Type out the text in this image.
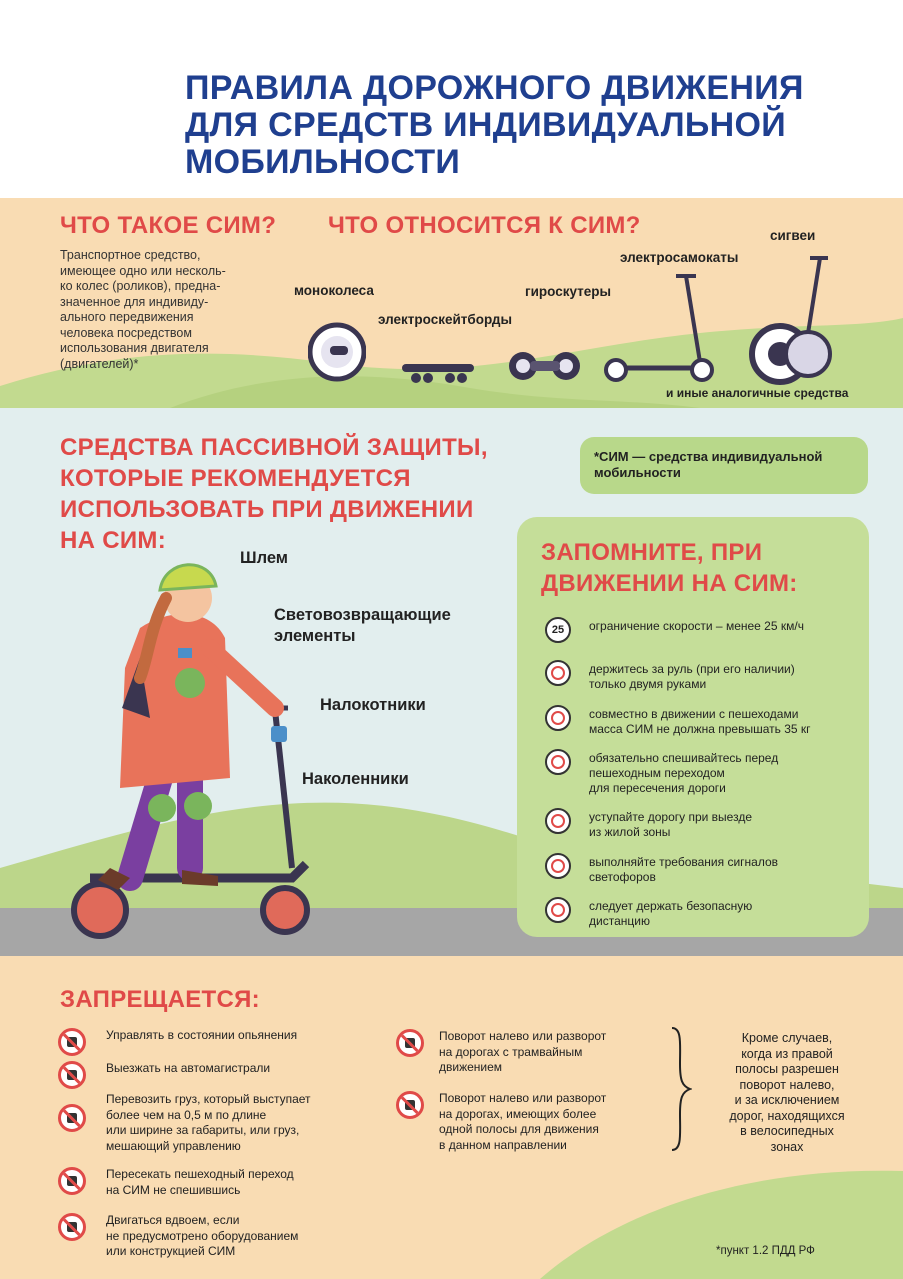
ПРАВИЛА ДОРОЖНОГО ДВИЖЕНИЯ
ДЛЯ СРЕДСТВ ИНДИВИДУАЛЬНОЙ
МОБИЛЬНОСТИ
ЧТО ТАКОЕ СИМ? ЧТО ОТНОСИТСЯ К СИМ?
Транспортное средство,
имеющее одно или несколь-
ко колес (роликов), предна-
значенное для индивиду-
ального передвижения
человека посредством
использования двигателя
(двигателей)*
моноколеса
электроскейтборды
гироскутеры
электросамокаты
сигвеи
и иные аналогичные средства
СРЕДСТВА ПАССИВНОЙ ЗАЩИТЫ,
КОТОРЫЕ РЕКОМЕНДУЕТСЯ
ИСПОЛЬЗОВАТЬ ПРИ ДВИЖЕНИИ
НА СИМ:
Шлем
Световозвращающие
элементы
Налокотники
Наколенники
*СИМ — средства индивидуальной
мобильности
ЗАПОМНИТЕ, ПРИ
ДВИЖЕНИИ НА СИМ:
25	ограничение скорости – менее 25 км/ч
держитесь за руль (при его наличии)
только двумя руками
совместно в движении с пешеходами
масса СИМ не должна превышать 35 кг
обязательно спешивайтесь перед
пешеходным переходом
для пересечения дороги
уступайте дорогу при выезде
из жилой зоны
выполняйте требования сигналов
светофоров
следует держать безопасную
дистанцию
ЗАПРЕЩАЕТСЯ:
Управлять в состоянии опьянения
Выезжать на автомагистрали
Перевозить груз, который выступает
более чем на 0,5 м по длине
или ширине за габариты, или груз,
мешающий управлению
Пересекать пешеходный переход
на СИМ не спешившись
Двигаться вдвоем, если
не предусмотрено оборудованием
или конструкцией СИМ
Поворот налево или разворот
на дорогах с трамвайным
движением
Поворот налево или разворот
на дорогах, имеющих более
одной полосы для движения
в данном направлении
Кроме случаев,
когда из правой
полосы разрешен
поворот налево,
и за исключением
дорог, находящихся
в велосипедных
зонах
*пункт 1.2 ПДД РФ
